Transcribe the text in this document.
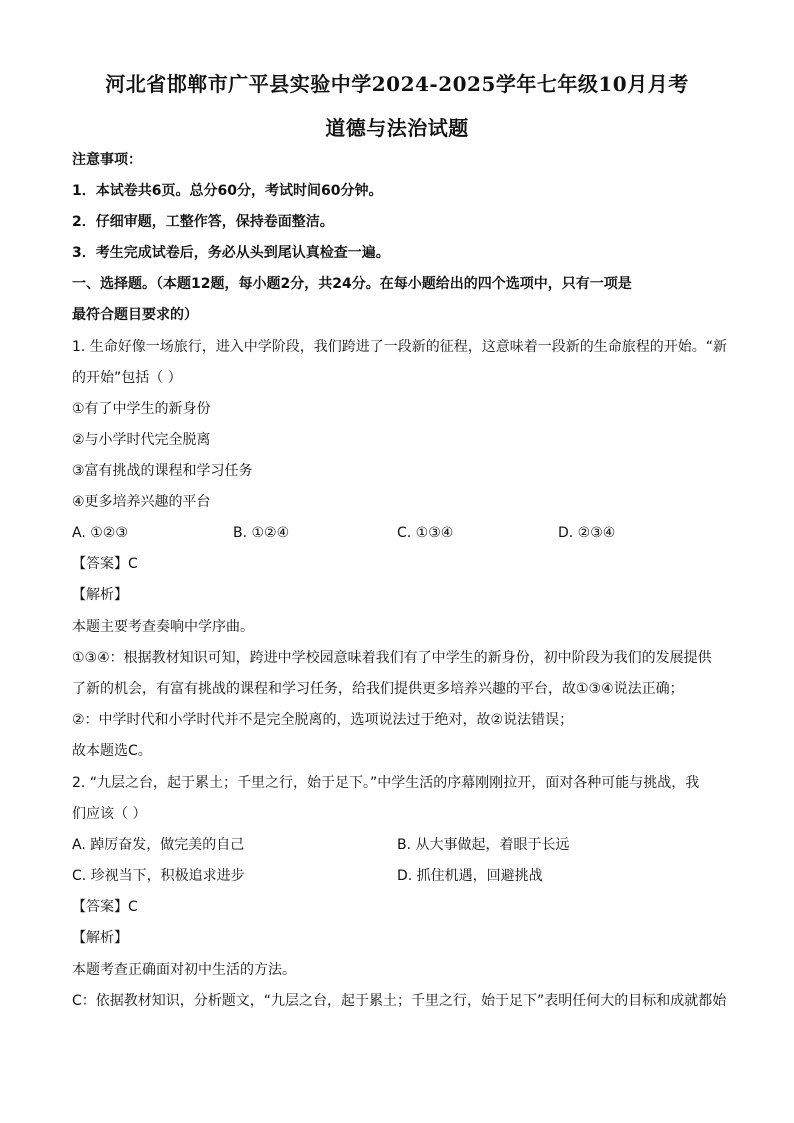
河北省邯郸市广平县实验中学2024-2025学年七年级10月月考
道德与法治试题
注意事项：
1．本试卷共6页。总分60分，考试时间60分钟。
2．仔细审题，工整作答，保持卷面整洁。
3．考生完成试卷后，务必从头到尾认真检查一遍。
一、选择题。（本题12题，每小题2分，共24分。在每小题给出的四个选项中，只有一项是
最符合题目要求的）
1. 生命好像一场旅行，进入中学阶段，我们跨进了一段新的征程，这意味着一段新的生命旅程的开始。“新
的开始”包括（ ）
①有了中学生的新身份
②与小学时代完全脱离
③富有挑战的课程和学习任务
④更多培养兴趣的平台
A. ①②③	B. ①②④	C. ①③④	D. ②③④
【答案】C
【解析】
本题主要考查奏响中学序曲。
①③④：根据教材知识可知，跨进中学校园意味着我们有了中学生的新身份，初中阶段为我们的发展提供
了新的机会，有富有挑战的课程和学习任务，给我们提供更多培养兴趣的平台，故①③④说法正确；
②：中学时代和小学时代并不是完全脱离的，选项说法过于绝对，故②说法错误；
故本题选C。
2. “九层之台，起于累土；千里之行，始于足下。”中学生活的序幕刚刚拉开，面对各种可能与挑战，我
们应该（ ）
A. 踔厉奋发，做完美的自己	B. 从大事做起，着眼于长远
C. 珍视当下，积极追求进步	D. 抓住机遇，回避挑战
【答案】C
【解析】
本题考查正确面对初中生活的方法。
C：依据教材知识，分析题文，“九层之台，起于累土；千里之行，始于足下”表明任何大的目标和成就都始
